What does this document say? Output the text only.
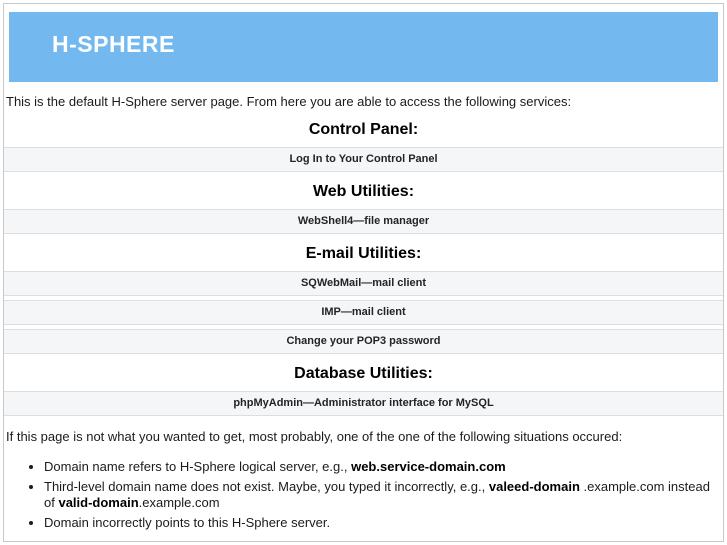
H-SPHERE

This is the default H-Sphere server page. From here you are able to access the following services:

Control Panel:
Log In to Your Control Panel
Web Utilities:
WebShell4—file manager
E-mail Utilities:
SQWebMail—mail client
IMP—mail client
Change your POP3 password
Database Utilities:
phpMyAdmin—Administrator interface for MySQL

If this page is not what you wanted to get, most probably, one of the one of the following situations occured:

• Domain name refers to H-Sphere logical server, e.g., web.service-domain.com
• Third-level domain name does not exist. Maybe, you typed it incorrectly, e.g., valeed-domain .example.com instead of valid-domain.example.com
• Domain incorrectly points to this H-Sphere server.
